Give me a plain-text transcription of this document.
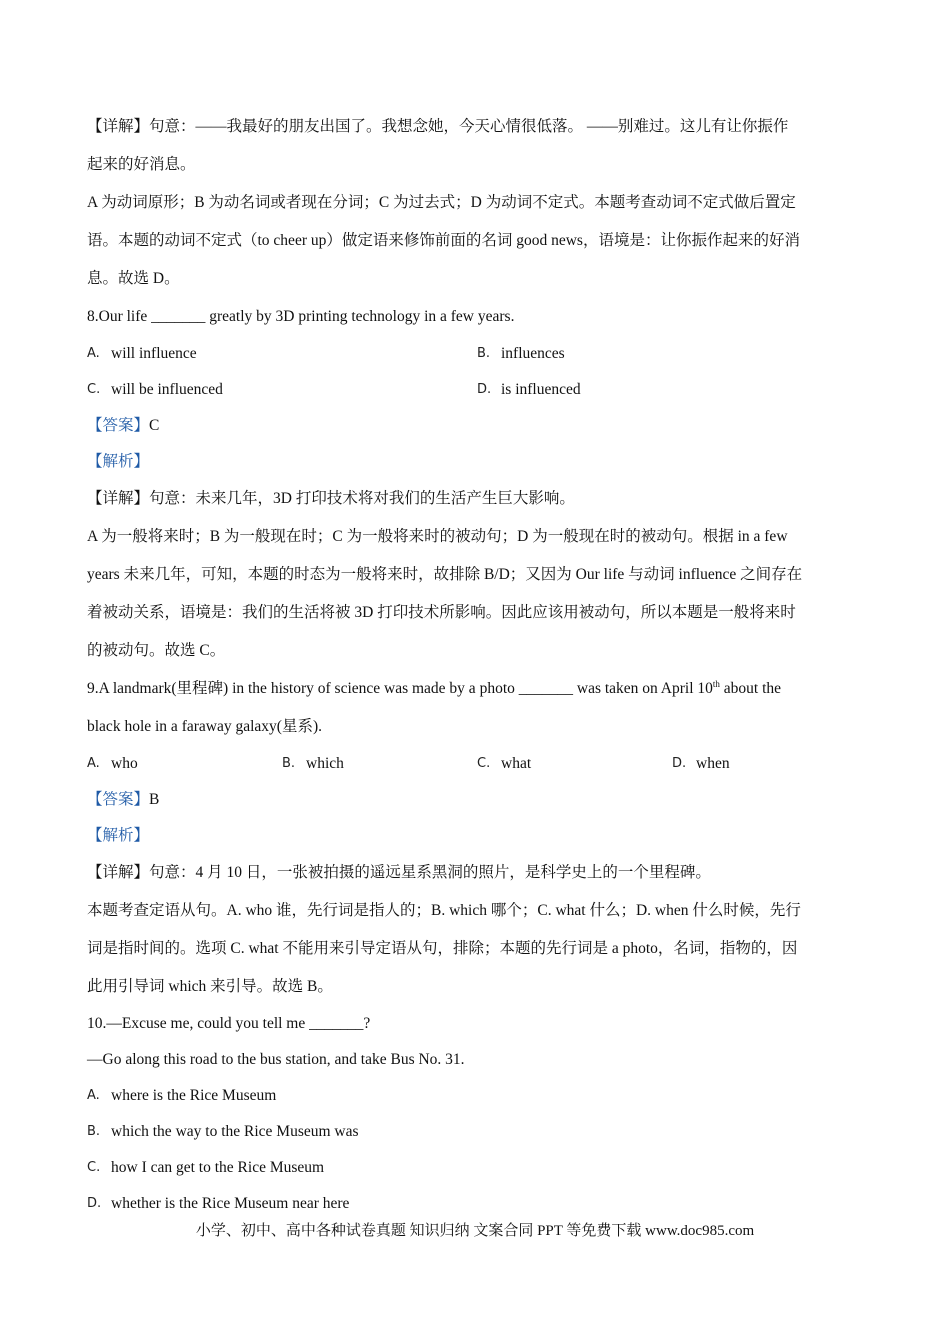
【详解】句意：——我最好的朋友出国了。我想念她，今天心情很低落。 ——别难过。这儿有让你振作
起来的好消息。
A 为动词原形；B 为动名词或者现在分词；C 为过去式；D 为动词不定式。本题考查动词不定式做后置定
语。本题的动词不定式（to cheer up）做定语来修饰前面的名词 good news，语境是：让你振作起来的好消
息。故选 D。
8.Our life _______ greatly by 3D printing technology in a few years.
A. will influence	B. influences
C. will be influenced	D. is influenced
【答案】C
【解析】
【详解】句意：未来几年，3D 打印技术将对我们的生活产生巨大影响。
A 为一般将来时；B 为一般现在时；C 为一般将来时的被动句；D 为一般现在时的被动句。根据 in a few
years 未来几年，可知，本题的时态为一般将来时，故排除 B/D；又因为 Our life 与动词 influence 之间存在
着被动关系，语境是：我们的生活将被 3D 打印技术所影响。因此应该用被动句，所以本题是一般将来时
的被动句。故选 C。
9.A landmark(里程碑) in the history of science was made by a photo _______ was taken on April 10th about the
black hole in a faraway galaxy(星系).
A. who	B. which	C. what	D. when
【答案】B
【解析】
【详解】句意：4 月 10 日，一张被拍摄的遥远星系黑洞的照片，是科学史上的一个里程碑。
本题考查定语从句。A. who 谁，先行词是指人的；B. which 哪个；C. what 什么；D. when 什么时候，先行
词是指时间的。选项 C. what 不能用来引导定语从句，排除；本题的先行词是 a photo，名词，指物的，因
此用引导词 which 来引导。故选 B。
10.—Excuse me, could you tell me _______?
—Go along this road to the bus station, and take Bus No. 31.
A. where is the Rice Museum
B. which the way to the Rice Museum was
C. how I can get to the Rice Museum
D. whether is the Rice Museum near here
小学、初中、高中各种试卷真题 知识归纳 文案合同 PPT 等免费下载 www.doc985.com
